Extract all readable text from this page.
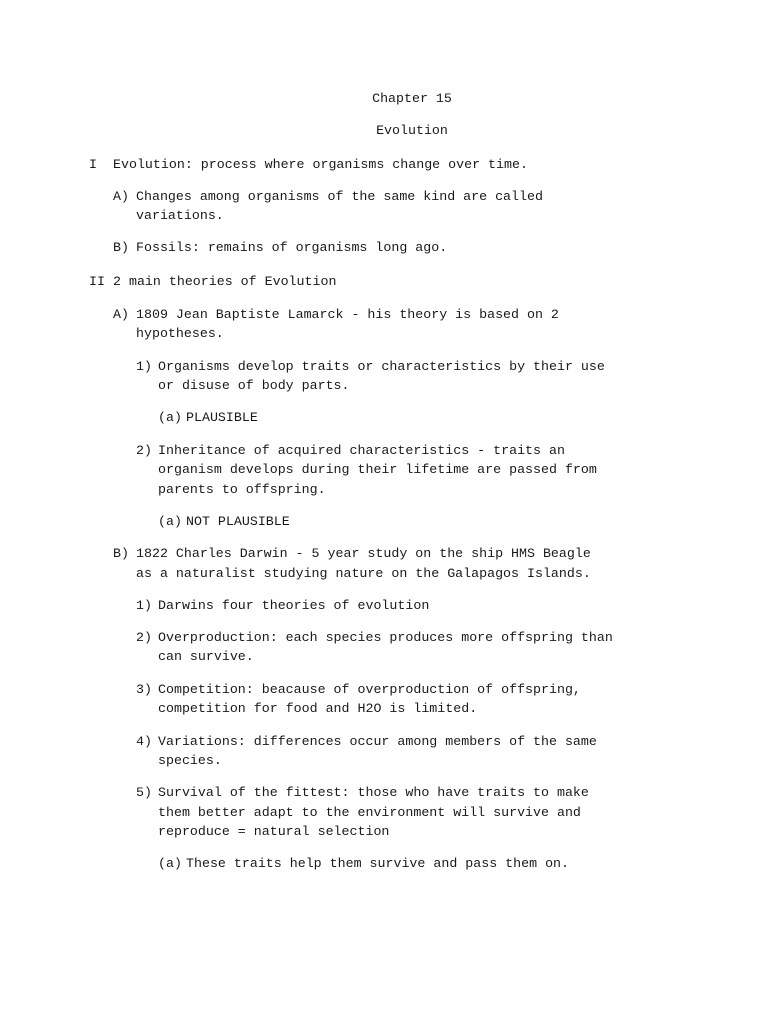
Chapter 15
Evolution
I Evolution: process where organisms change over time.
A) Changes among organisms of the same kind are called
variations.
B) Fossils: remains of organisms long ago.
II 2 main theories of Evolution
A) 1809 Jean Baptiste Lamarck - his theory is based on 2
hypotheses.
1) Organisms develop traits or characteristics by their use
or disuse of body parts.
(a) PLAUSIBLE
2) Inheritance of acquired characteristics - traits an
organism develops during their lifetime are passed from
parents to offspring.
(a) NOT PLAUSIBLE
B) 1822 Charles Darwin - 5 year study on the ship HMS Beagle
as a naturalist studying nature on the Galapagos Islands.
1) Darwins four theories of evolution
2) Overproduction: each species produces more offspring than
can survive.
3) Competition: beacause of overproduction of offspring,
competition for food and H2O is limited.
4) Variations: differences occur among members of the same
species.
5) Survival of the fittest: those who have traits to make
them better adapt to the environment will survive and
reproduce = natural selection
(a) These traits help them survive and pass them on.
